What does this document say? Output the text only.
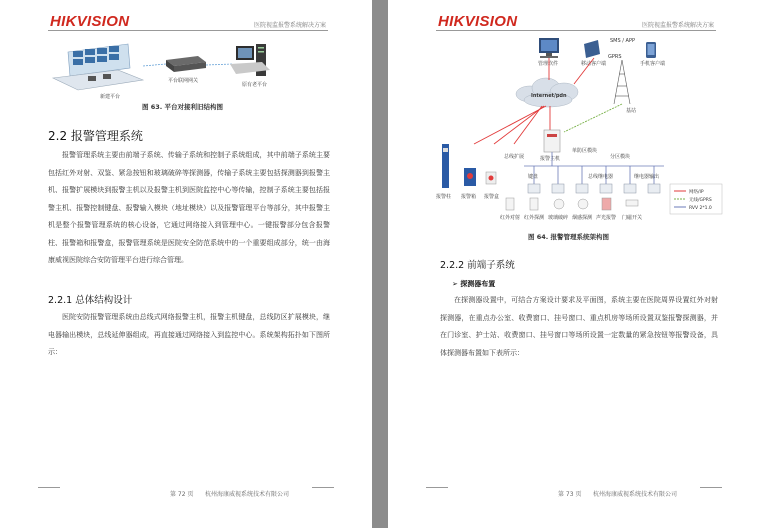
HIKVISION	医院视监报警系统解决方案
新建平台
平台联网网关
原有老平台
图 63. 平台对接利旧结构图
2.2 报警管理系统

报警管理系统主要由前端子系统、传输子系统和控制子系统组成，其中前端子系统主要包括红外对射、双鉴、紧急按钮和玻璃破碎等探测器，传输子系统主要包括探测器到报警主机、报警扩展模块到报警主机以及报警主机到医院监控中心等传输，控制子系统主要包括报警主机、报警控制键盘、报警输入模块（地址模块）以及报警管理平台等部分，其中报警主机是整个报警管理系统的核心设备，它通过网络接入到管理中心。一键报警部分包含报警柱、报警箱和报警盒，报警管理系统是医院安全防范系统中的一个重要组成部分，统一由海康威视医院综合安防管理平台进行综合管理。

2.2.1 总体结构设计

医院安防报警管理系统由总线式网络报警主机，报警主机键盘，总线防区扩展模块，继电器输出模块，总线延伸器组成，再直接通过网络接入到监控中心。系统架构拓扑如下图所示：

第 72 页 杭州海康威视系统技术有限公司
HIKVISION	医院视监报警系统解决方案
管理软件	移动客户端
SMS / APP
手机客户端
GPRS
基站
Internet/pdn
报警主机
总线扩展
单防区模块
分区模块
键盘	总线继电器	继电器输出
报警柱 报警箱 报警盒
红外对射 红外探测 玻璃破碎 烟感探测 声光报警 门磁开关
网络/IP
无线/GPRS
RVV 2*1.0
图 64. 报警管理系统架构图
2.2.2 前端子系统
➢ 探测器布置

在探测器设置中，可结合方案设计要求及平面图，系统主要在医院周界设置红外对射探测器，在重点办公室、收费窗口、挂号窗口、重点机房等场所设置双鉴报警探测器，并在门诊室、护士站、收费窗口、挂号窗口等场所设置一定数量的紧急按钮等报警设备，具体探测器布置如下表所示：

第 73 页 杭州海康威视系统技术有限公司
